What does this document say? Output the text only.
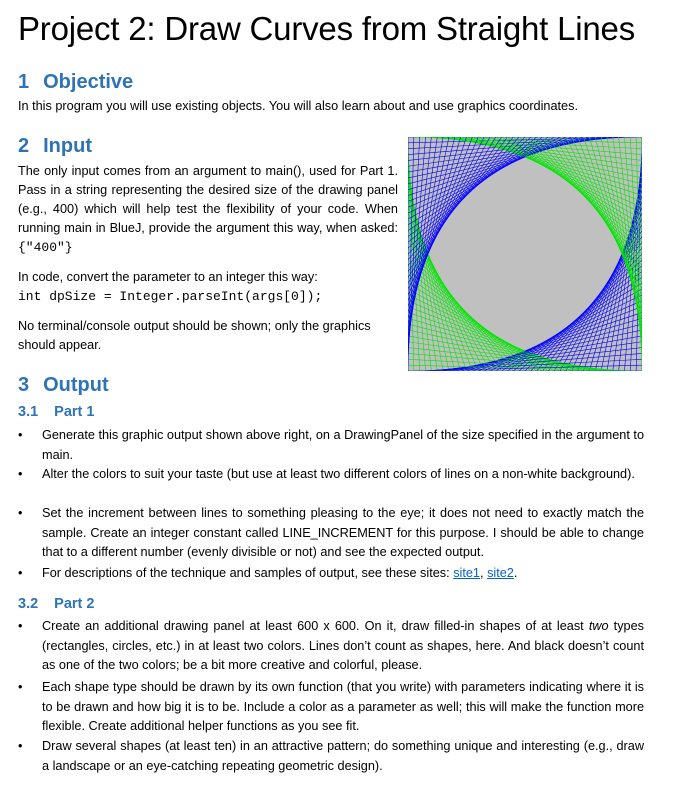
Project 2: Draw Curves from Straight Lines
1 Objective

In this program you will use existing objects. You will also learn about and use graphics coordinates.

2 Input

The only input comes from an argument to main(), used for Part 1. Pass in a string representing the desired size of the drawing panel (e.g., 400) which will help test the flexibility of your code. When running main in BlueJ, provide the argument this way, when asked: {"400"}

In code, convert the parameter to an integer this way:

int dpSize = Integer.parseInt(args[0]);

No terminal/console output should be shown; only the graphics should appear.

3 Output
3.1 Part 1
•	Generate this graphic output shown above right, on a DrawingPanel of the size specified in the argument to main.
•	Alter the colors to suit your taste (but use at least two different colors of lines on a non-white background).
•	Set the increment between lines to something pleasing to the eye; it does not need to exactly match the sample. Create an integer constant called LINE_INCREMENT for this purpose. I should be able to change that to a different number (evenly divisible or not) and see the expected output.
•	For descriptions of the technique and samples of output, see these sites: site1, site2.
3.2 Part 2
•	Create an additional drawing panel at least 600 x 600. On it, draw filled-in shapes of at least two types (rectangles, circles, etc.) in at least two colors. Lines don’t count as shapes, here. And black doesn’t count as one of the two colors; be a bit more creative and colorful, please.
•	Each shape type should be drawn by its own function (that you write) with parameters indicating where it is to be drawn and how big it is to be. Include a color as a parameter as well; this will make the function more flexible. Create additional helper functions as you see fit.
•	Draw several shapes (at least ten) in an attractive pattern; do something unique and interesting (e.g., draw a landscape or an eye-catching repeating geometric design).
